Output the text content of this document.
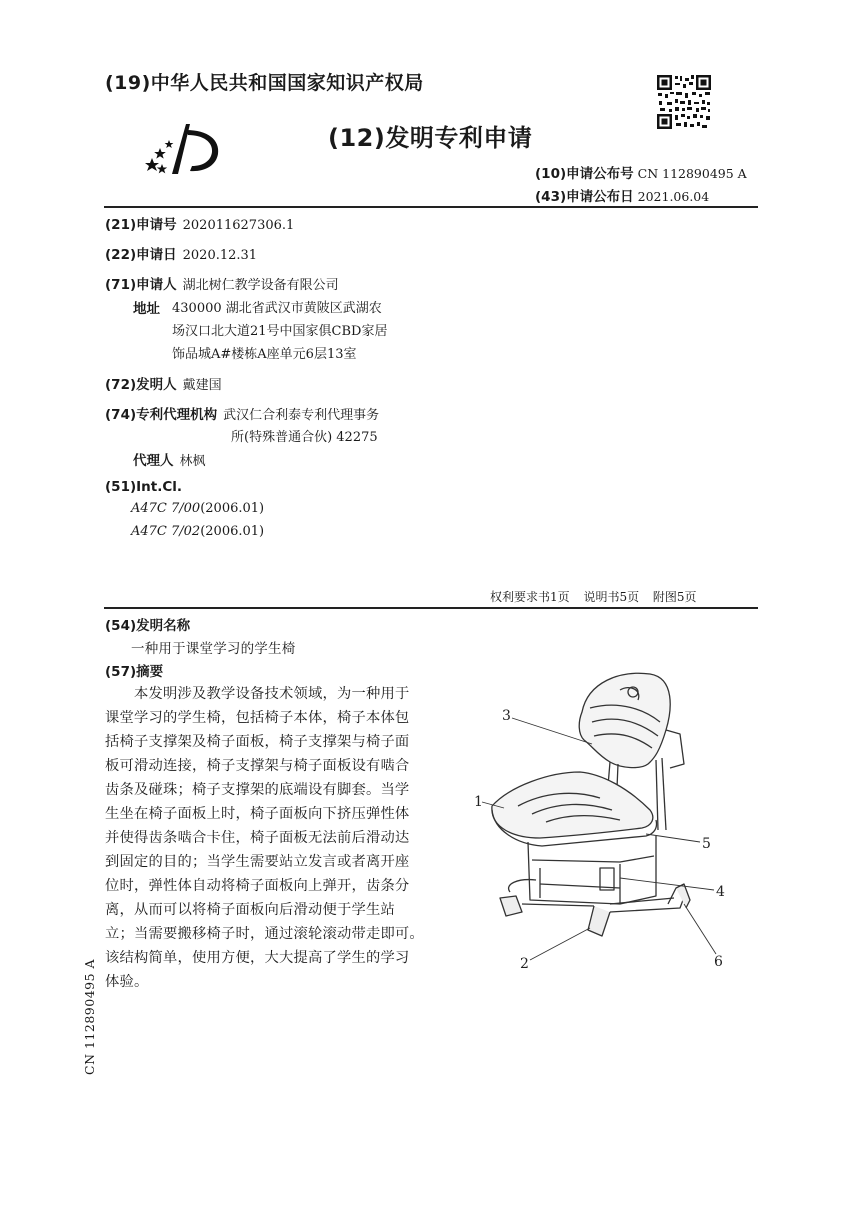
(19)中华人民共和国国家知识产权局
(12)发明专利申请
(10)申请公布号 CN 112890495 A
(43)申请公布日 2021.06.04
(21)申请号 202011627306.1
(22)申请日 2020.12.31
(71)申请人 湖北树仁教学设备有限公司
地址 430000 湖北省武汉市黄陂区武湖农
场汉口北大道21号中国家俱CBD家居
饰品城A#楼栋A座单元6层13室
(72)发明人 戴建国
(74)专利代理机构 武汉仁合利泰专利代理事务
所(特殊普通合伙) 42275
代理人 林枫
(51)Int.Cl.
A47C 7/00(2006.01)
A47C 7/02(2006.01)
权利要求书1页 说明书5页 附图5页
(54)发明名称
一种用于课堂学习的学生椅
(57)摘要
本发明涉及教学设备技术领域，为一种用于
课堂学习的学生椅，包括椅子本体，椅子本体包
括椅子支撑架及椅子面板，椅子支撑架与椅子面
板可滑动连接，椅子支撑架与椅子面板设有啮合
齿条及碰珠；椅子支撑架的底端设有脚套。当学
生坐在椅子面板上时，椅子面板向下挤压弹性体
并使得齿条啮合卡住，椅子面板无法前后滑动达
到固定的目的；当学生需要站立发言或者离开座
位时，弹性体自动将椅子面板向上弹开，齿条分
离，从而可以将椅子面板向后滑动便于学生站
立；当需要搬移椅子时，通过滚轮滚动带走即可。
该结构简单，使用方便，大大提高了学生的学习
体验。
3
1
5
4
2	6
CN 112890495 A
